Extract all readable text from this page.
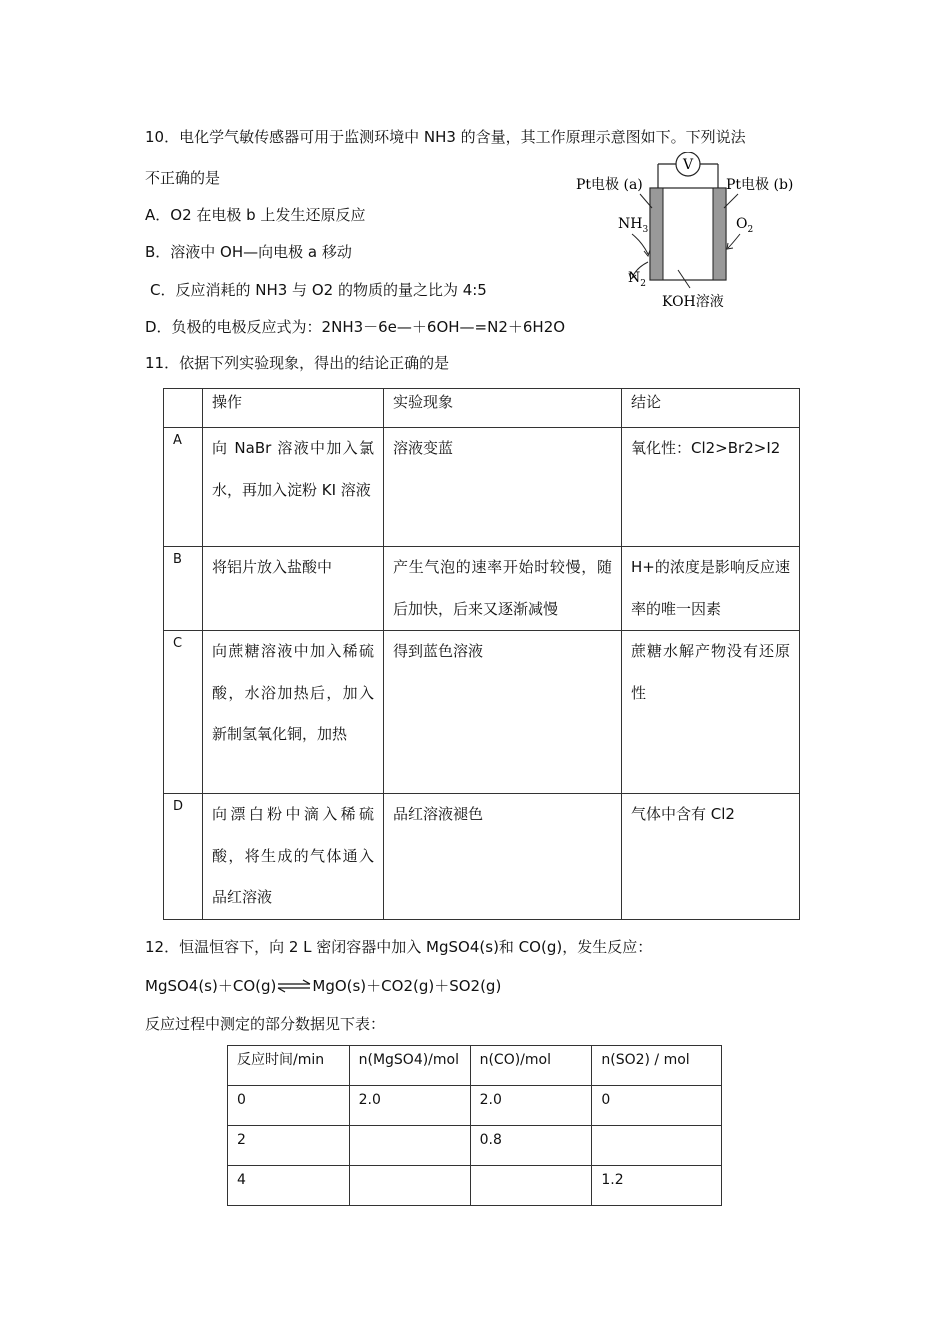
10．电化学气敏传感器可用于监测环境中 NH3 的含量，其工作原理示意图如下。下列说法
不正确的是
A．O2 在电极 b 上发生还原反应
B．溶液中 OH—向电极 a 移动
C．反应消耗的 NH3 与 O2 的物质的量之比为 4:5
D．负极的电极反应式为：2NH3－6e—＋6OH—=N2＋6H2O
V
Pt电极 (a)	Pt电极 (b)
$NH_3$
$N_2$
$O_2$
KOH溶液
11．依据下列实验现象，得出的结论正确的是
	操作	实验现象	结论
A	向 NaBr 溶液中加入氯水，再加入淀粉 KI 溶液	溶液变蓝	氧化性：Cl2>Br2>I2
B	将铝片放入盐酸中	产生气泡的速率开始时较慢，随后加快，后来又逐渐减慢	H+的浓度是影响反应速率的唯一因素
C	向蔗糖溶液中加入稀硫酸，水浴加热后，加入新制氢氧化铜，加热	得到蓝色溶液	蔗糖水解产物没有还原性
D	向漂白粉中滴入稀硫酸，将生成的气体通入品红溶液	品红溶液褪色	气体中含有 Cl2
12．恒温恒容下，向 2 L 密闭容器中加入 MgSO4(s)和 CO(g)，发生反应：
MgSO4(s)＋CO(g)⇌MgO(s)＋CO2(g)＋SO2(g)
反应过程中测定的部分数据见下表：
反应时间/min	n(MgSO4)/mol	n(CO)/mol	n(SO2) / mol
0	2.0	2.0	0
2		0.8	
4			1.2
